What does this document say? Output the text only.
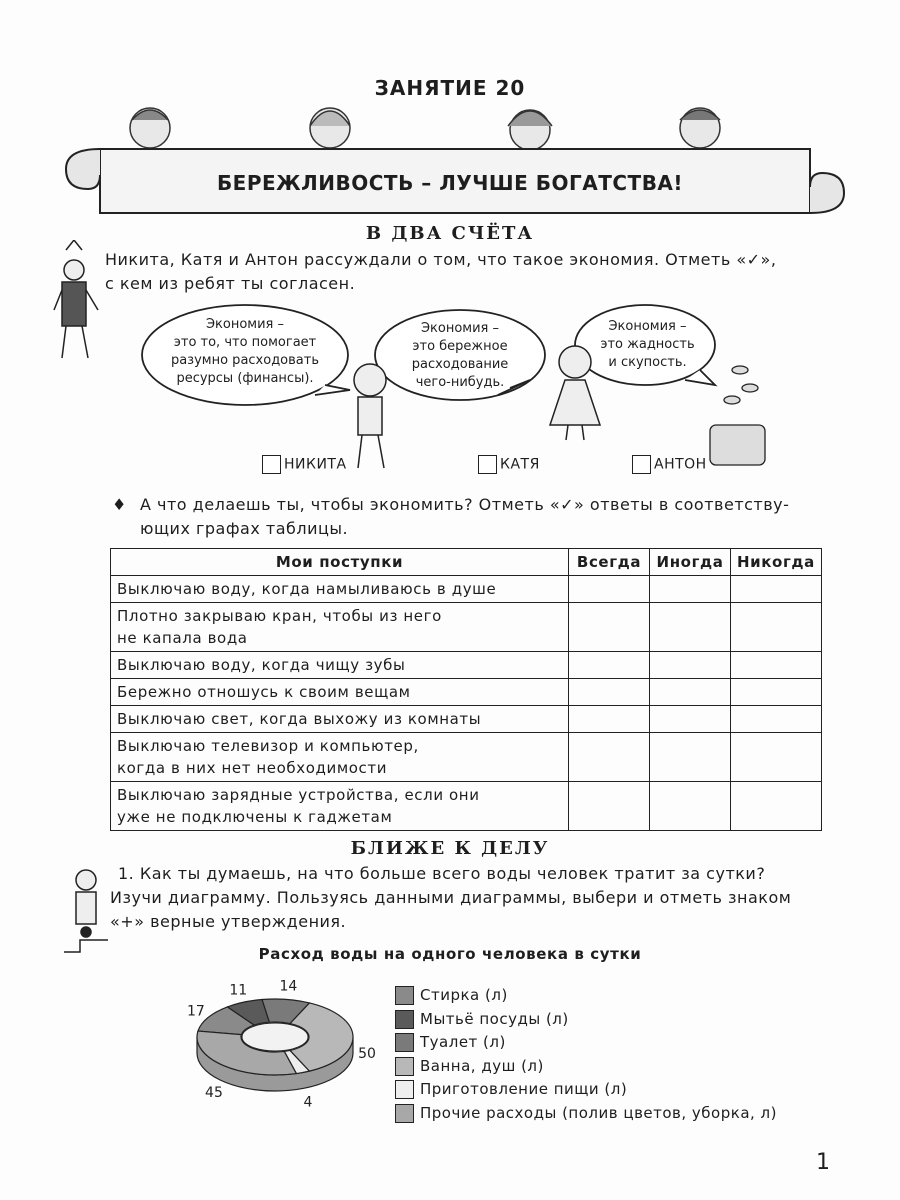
ЗАНЯТИЕ 20
БЕРЕЖЛИВОСТЬ – ЛУЧШЕ БОГАТСТВА!
В ДВА СЧЁТА
Никита, Катя и Антон рассуждали о том, что такое экономия. Отметь «✓»,
с кем из ребят ты согласен.
Экономия –
это то, что помогает
разумно расходовать
ресурсы (финансы).
Экономия –
это бережное
расходование
чего-нибудь.
Экономия –
это жадность
и скупость.
НИКИТА	КАТЯ	АНТОН
♦ А что делаешь ты, чтобы экономить? Отметь «✓» ответы в соответству-
ющих графах таблицы.
Мои поступки	Всегда	Иногда	Никогда

Выключаю воду, когда намыливаюсь в душе			

Плотно закрываю кран, чтобы из него
не капала вода			

Выключаю воду, когда чищу зубы			

Бережно отношусь к своим вещам			

Выключаю свет, когда выхожу из комнаты			

Выключаю телевизор и компьютер,
когда в них нет необходимости			

Выключаю зарядные устройства, если они
уже не подключены к гаджетам			

БЛИЖЕ К ДЕЛУ
1. Как ты думаешь, на что больше всего воды человек тратит за сутки?
Изучи диаграмму. Пользуясь данными диаграммы, выбери и отметь знаком
«+» верные утверждения.
Расход воды на одного человека в сутки
17
11 14
50
4
45
Стирка (л)
Мытьё посуды (л)
Туалет (л)
Ванна, душ (л)
Приготовление пищи (л)
Прочие расходы (полив цветов, уборка, л)
1
